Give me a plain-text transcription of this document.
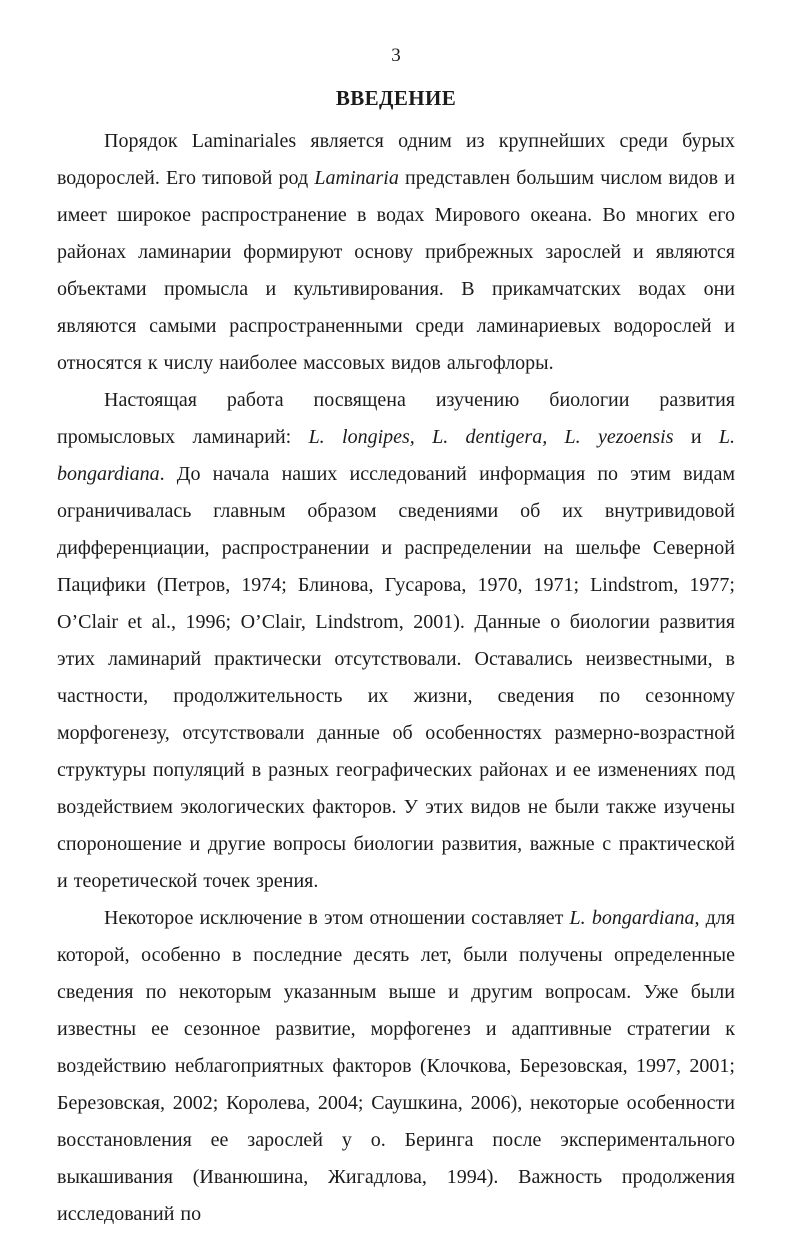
3
ВВЕДЕНИЕ

Порядок Laminariales является одним из крупнейших среди бурых водорослей. Его типовой род Laminaria представлен большим числом видов и имеет широкое распространение в водах Мирового океана. Во многих его районах ламинарии формируют основу прибрежных зарослей и являются объектами промысла и культивирования. В прикамчатских водах они являются самыми распространенными среди ламинариевых водорослей и относятся к числу наиболее массовых видов альгофлоры.

Настоящая работа посвящена изучению биологии развития промысловых ламинарий: L. longipes, L. dentigera, L. yezoensis и L. bongardiana. До начала наших исследований информация по этим видам ограничивалась главным образом сведениями об их внутривидовой дифференциации, распространении и распределении на шельфе Северной Пацифики (Петров, 1974; Блинова, Гусарова, 1970, 1971; Lindstrom, 1977; O’Clair et al., 1996; O’Clair, Lindstrom, 2001). Данные о биологии развития этих ламинарий практически отсутствовали. Оставались неизвестными, в частности, продолжительность их жизни, сведения по сезонному морфогенезу, отсутствовали данные об особенностях размерно-возрастной структуры популяций в разных географических районах и ее изменениях под воздействием экологических факторов. У этих видов не были также изучены спороношение и другие вопросы биологии развития, важные с практической и теоретической точек зрения.

Некоторое исключение в этом отношении составляет L. bongardiana, для которой, особенно в последние десять лет, были получены определенные сведения по некоторым указанным выше и другим вопросам. Уже были известны ее сезонное развитие, морфогенез и адаптивные стратегии к воздействию неблагоприятных факторов (Клочкова, Березовская, 1997, 2001; Березовская, 2002; Королева, 2004; Саушкина, 2006), некоторые особенности восстановления ее зарослей у о. Беринга после экспериментального выкашивания (Иванюшина, Жигадлова, 1994). Важность продолжения исследований по
